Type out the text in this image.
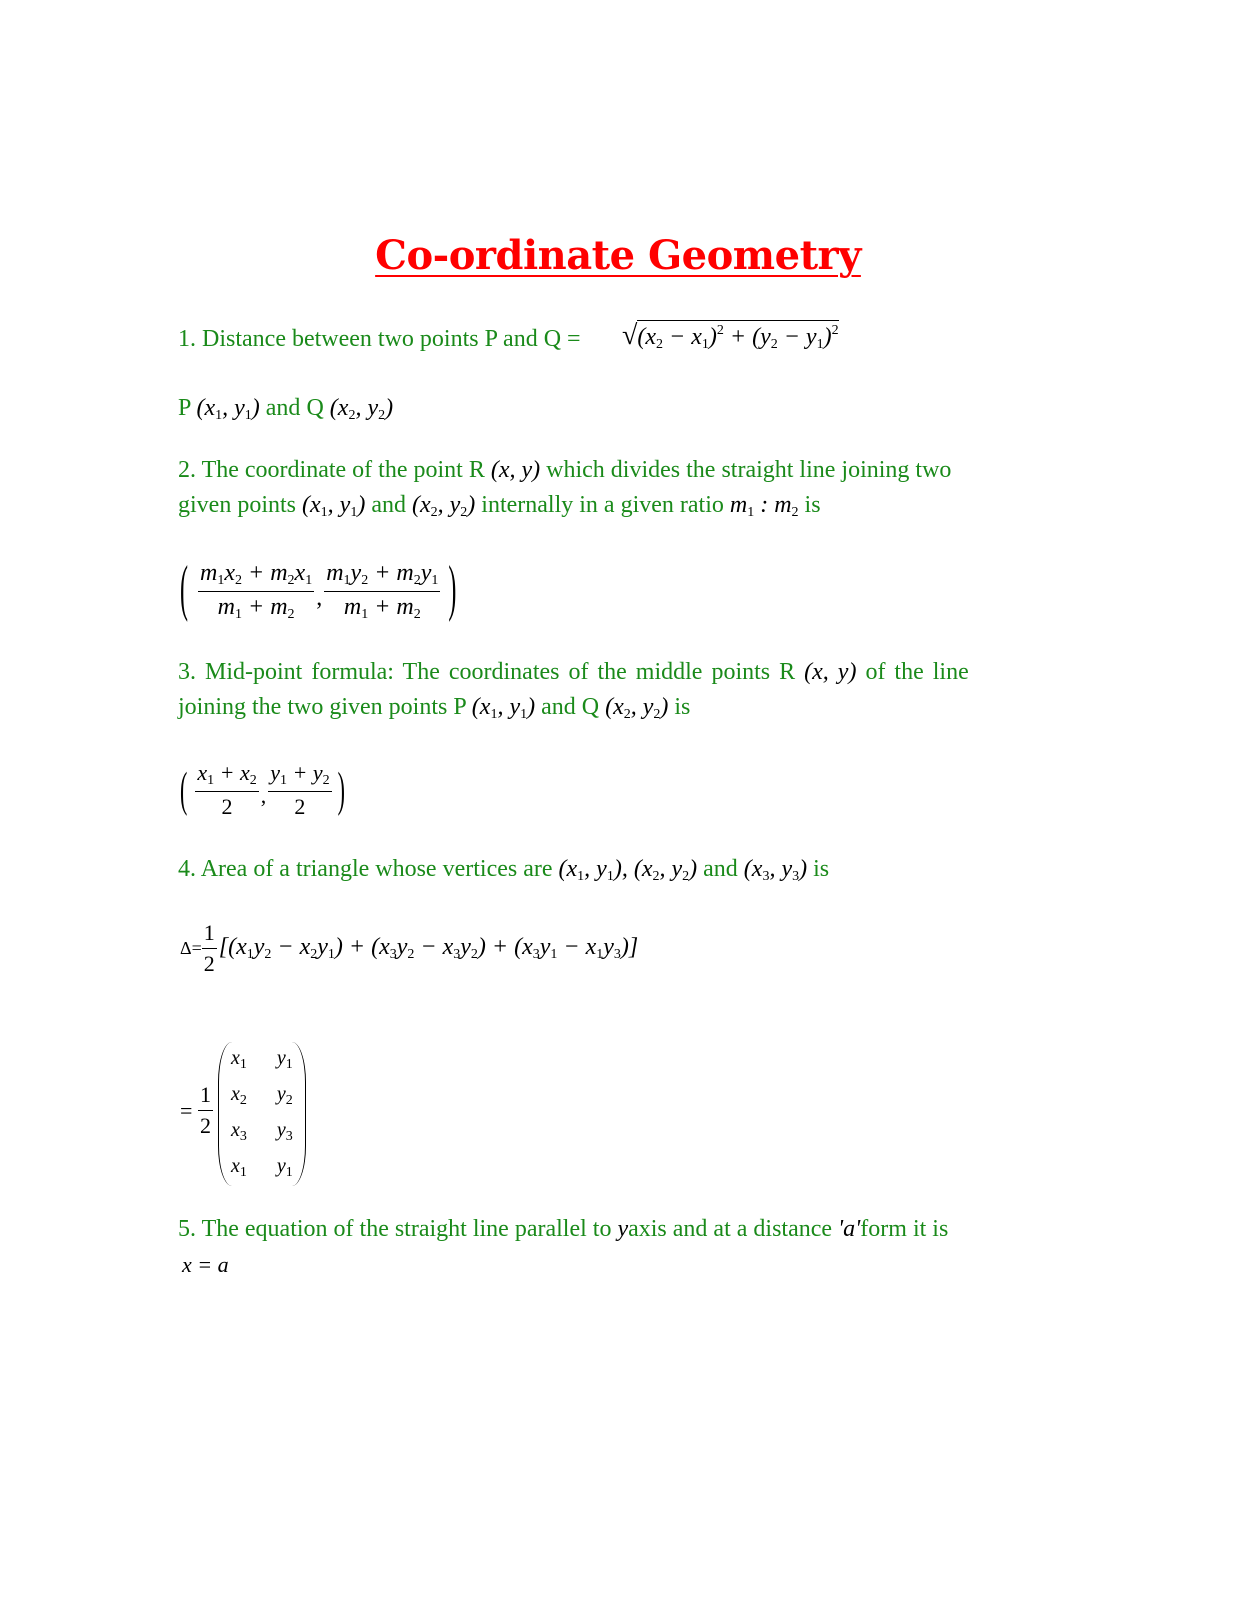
Co-ordinate Geometry
1. Distance between two points P and $Q = √(x_2 - x_1)^2 + (y_2 - y_1)^2$
P ($x_1$, $y_1$) and Q ($x_2$, $y_2$)
2. The coordinate of the point R (x, y) which divides the straight line joining two
given points ($x_1$, $y_1$) and ($x_2$, $y_2$) internally in a given ratio $m_1$ : $m_2$ is
( $\frac{m_1x_2 + m_2x_1}{m_1 + m_2}$ , $\frac{m_1y_2 + m_2y_1}{m_1 + m_2}$ )
3. Mid-point formula: The coordinates of the middle points R (x, y) of the line
joining the two given points P ($x_1$, $y_1$) and Q ($x_2$, $y_2$) is
( $\frac{x_1 + x_2}{2}$ , $\frac{y_1 + y_2}{2}$ )
4. Area of a triangle whose vertices are ($x_1$, $y_1$), ($x_2$, $y_2$) and ($x_3$, $y_3$) is
$\Delta= \frac{1}{2} [(x_1y_2 - x_2y_1) + (x_3y_2 - x_3y_2) + (x_3y_1 - x_1y_3)]$
= $\frac{1}{2}$
$x_1$ $y_1$
$x_2$ $y_2$
$x_3$ $y_3$
$x_1$ $y_1$
5. The equation of the straight line parallel to yaxis and at a distance 'a'form it is
x = a
